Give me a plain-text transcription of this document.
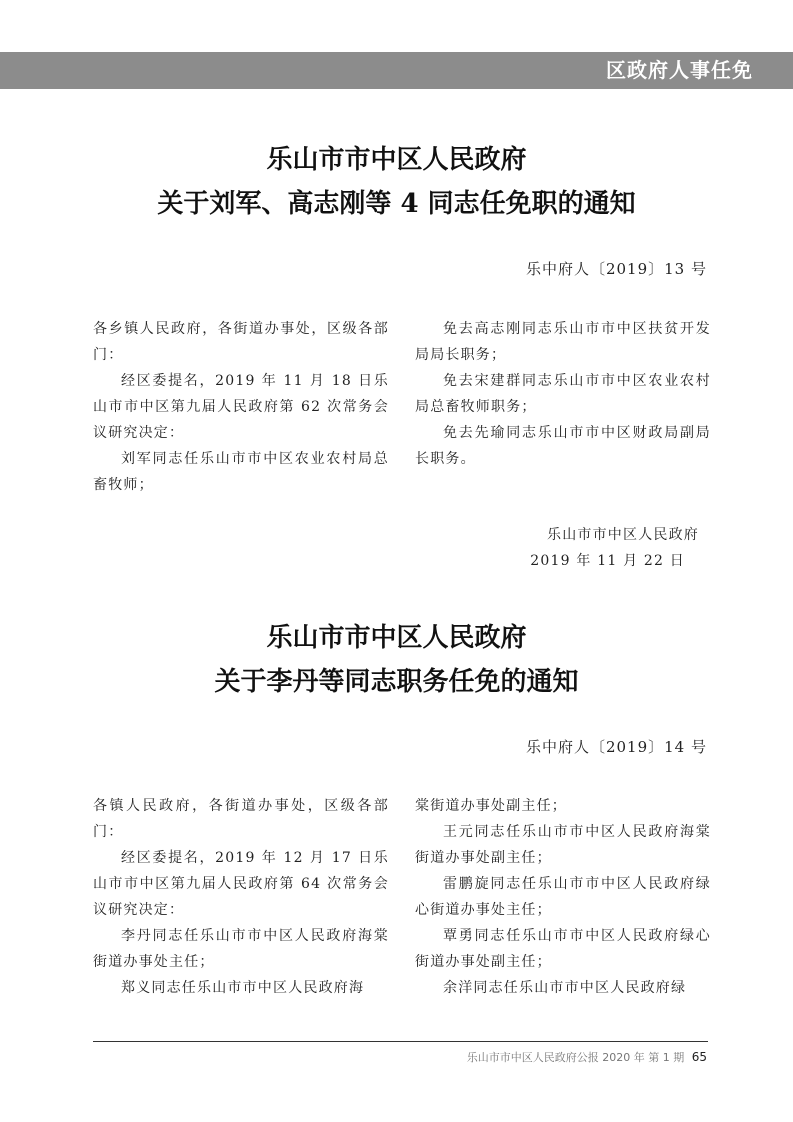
区政府人事任免
乐山市市中区人民政府
关于刘军、高志刚等 4 同志任免职的通知
乐中府人〔2019〕13 号

各乡镇人民政府，各街道办事处，区级各部门：

经区委提名，2019 年 11 月 18 日乐山市市中区第九届人民政府第 62 次常务会议研究决定：

刘军同志任乐山市市中区农业农村局总畜牧师；

免去高志刚同志乐山市市中区扶贫开发局局长职务；

免去宋建群同志乐山市市中区农业农村局总畜牧师职务；

免去先瑜同志乐山市市中区财政局副局长职务。

乐山市市中区人民政府
2019 年 11 月 22 日
乐山市市中区人民政府
关于李丹等同志职务任免的通知
乐中府人〔2019〕14 号

各镇人民政府，各街道办事处，区级各部门：

经区委提名，2019 年 12 月 17 日乐山市市中区第九届人民政府第 64 次常务会议研究决定：

李丹同志任乐山市市中区人民政府海棠街道办事处主任；

郑义同志任乐山市市中区人民政府海

棠街道办事处副主任；

王元同志任乐山市市中区人民政府海棠街道办事处副主任；

雷鹏旋同志任乐山市市中区人民政府绿心街道办事处主任；

覃勇同志任乐山市市中区人民政府绿心街道办事处副主任；

余洋同志任乐山市市中区人民政府绿

乐山市市中区人民政府公报 2020 年 第 1 期 65
